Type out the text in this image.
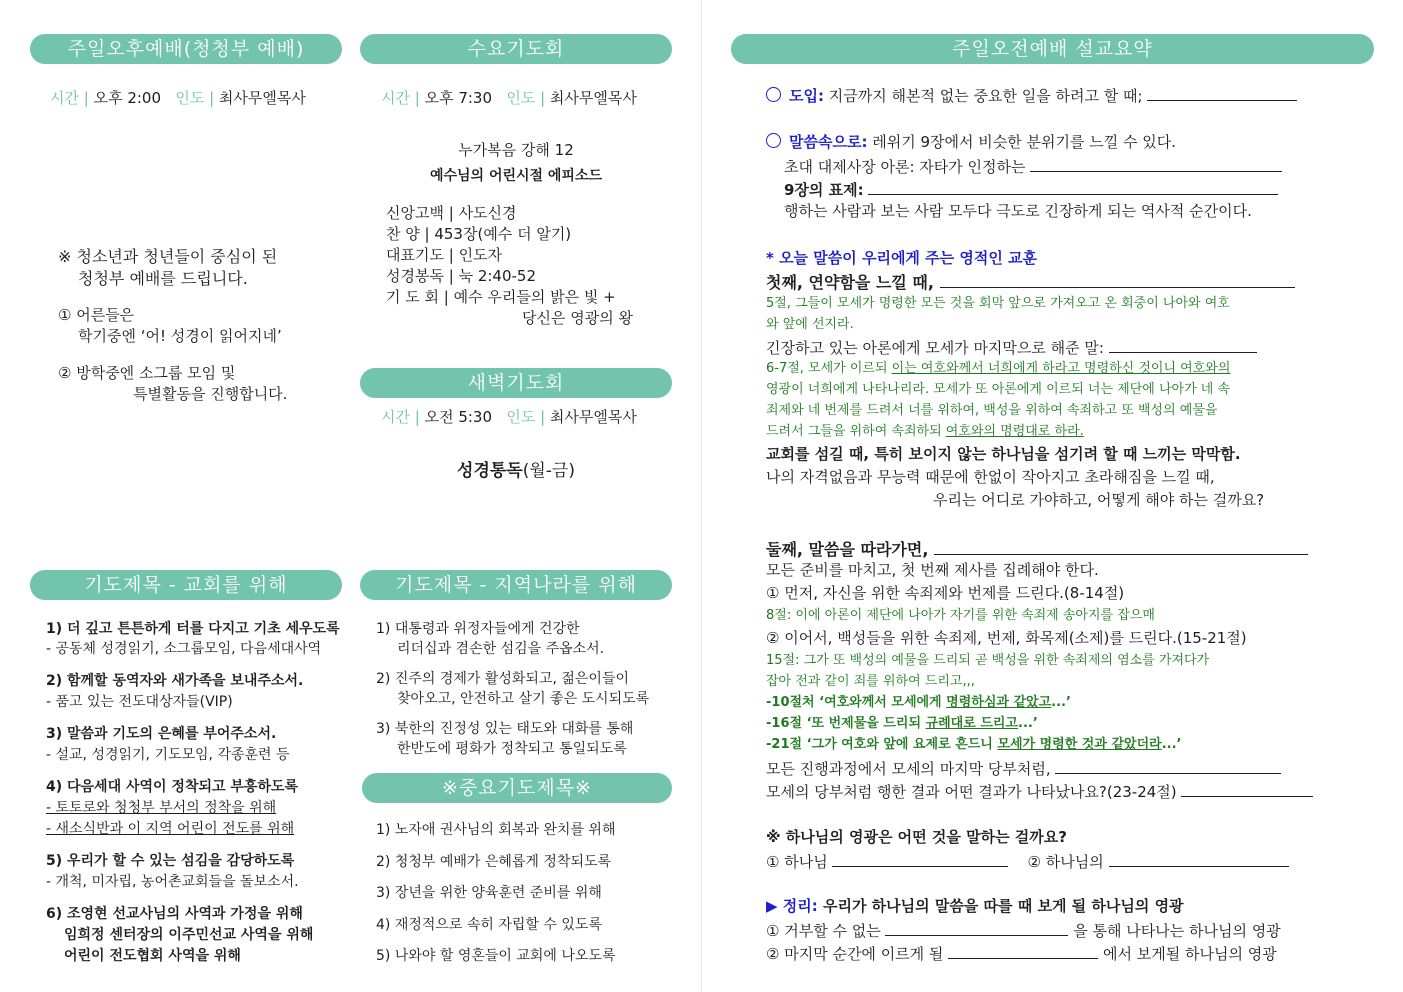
주일오후예배(청청부 예배)
시간 | 오후 2:00 인도 | 최사무엘목사
※ 청소년과 청년들이 중심이 된
청청부 예배를 드립니다.
① 어른들은
학기중엔 ‘어! 성경이 읽어지네’
② 방학중엔 소그룹 모임 및
특별활동을 진행합니다.
수요기도회
시간 | 오후 7:30 인도 | 최사무엘목사
누가복음 강해 12
예수님의 어린시절 에피소드
신앙고백 | 사도신경
찬 양 | 453장(예수 더 알기)
대표기도 | 인도자
성경봉독 | 눅 2:40-52
기 도 회 | 예수 우리들의 밝은 빛 +
당신은 영광의 왕
새벽기도회
시간 | 오전 5:30 인도 | 최사무엘목사
성경통독(월-금)
기도제목 - 교회를 위해
1) 더 깊고 튼튼하게 터를 다지고 기초 세우도록
- 공동체 성경읽기, 소그룹모임, 다음세대사역
2) 함께할 동역자와 새가족을 보내주소서.
- 품고 있는 전도대상자들(VIP)
3) 말씀과 기도의 은혜를 부어주소서.
- 설교, 성경읽기, 기도모임, 각종훈련 등
4) 다음세대 사역이 정착되고 부흥하도록
- 토토로와 청청부 부서의 정착을 위해
- 새소식반과 이 지역 어린이 전도를 위해
5) 우리가 할 수 있는 섬김을 감당하도록
- 개척, 미자립, 농어촌교회들을 돌보소서.
6) 조영현 선교사님의 사역과 가정을 위해
임희정 센터장의 이주민선교 사역을 위해
어린이 전도협회 사역을 위해
기도제목 - 지역나라를 위해
1) 대통령과 위정자들에게 건강한
리더십과 겸손한 섬김을 주옵소서.
2) 진주의 경제가 활성화되고, 젊은이들이
찾아오고, 안전하고 살기 좋은 도시되도록
3) 북한의 진정성 있는 태도와 대화를 통해
한반도에 평화가 정착되고 통일되도록
※중요기도제목※
1) 노자애 권사님의 회복과 완치를 위해
2) 청청부 예배가 은혜롭게 정착되도록
3) 장년을 위한 양육훈련 준비를 위해
4) 재정적으로 속히 자립할 수 있도록
5) 나와야 할 영혼들이 교회에 나오도록
주일오전예배 설교요약
도입: 지금까지 해본적 없는 중요한 일을 하려고 할 때;
말씀속으로: 레위기 9장에서 비슷한 분위기를 느낄 수 있다.
초대 대제사장 아론: 자타가 인정하는
9장의 표제:
행하는 사람과 보는 사람 모두다 극도로 긴장하게 되는 역사적 순간이다.
* 오늘 말씀이 우리에게 주는 영적인 교훈
첫째, 연약함을 느낄 때,
5절, 그들이 모세가 명령한 모든 것을 회막 앞으로 가져오고 온 회중이 나아와 여호
와 앞에 선지라.
긴장하고 있는 아론에게 모세가 마지막으로 해준 말:
6-7절, 모세가 이르되 이는 여호와께서 너희에게 하라고 명령하신 것이니 여호와의
영광이 너희에게 나타나리라. 모세가 또 아론에게 이르되 너는 제단에 나아가 네 속
죄제와 네 번제를 드려서 너를 위하여, 백성을 위하여 속죄하고 또 백성의 예물을
드려서 그들을 위하여 속죄하되 여호와의 명령대로 하라.
교회를 섬길 때, 특히 보이지 않는 하나님을 섬기려 할 때 느끼는 막막함.
나의 자격없음과 무능력 때문에 한없이 작아지고 초라해짐을 느낄 때,
우리는 어디로 가야하고, 어떻게 해야 하는 걸까요?
둘째, 말씀을 따라가면,
모든 준비를 마치고, 첫 번째 제사를 집례해야 한다.
① 먼저, 자신을 위한 속죄제와 번제를 드린다.(8-14절)
8절: 이에 아론이 제단에 나아가 자기를 위한 속죄제 송아지를 잡으매
② 이어서, 백성들을 위한 속죄제, 번제, 화목제(소제)를 드린다.(15-21절)
15절: 그가 또 백성의 예물을 드리되 곧 백성을 위한 속죄제의 염소를 가져다가
잡아 전과 같이 죄를 위하여 드리고,,,
-10절처 ‘여호와께서 모세에게 명령하심과 같았고...’
-16절 ‘또 번제물을 드리되 규례대로 드리고...’
-21절 ‘그가 여호와 앞에 요제로 흔드니 모세가 명령한 것과 같았더라...’
모든 진행과정에서 모세의 마지막 당부처럼,
모세의 당부처럼 행한 결과 어떤 결과가 나타났나요?(23-24절)
※ 하나님의 영광은 어떤 것을 말하는 걸까요?
① 하나님	② 하나님의
▶ 정리: 우리가 하나님의 말씀을 따를 때 보게 될 하나님의 영광
① 거부할 수 없는	을 통해 나타나는 하나님의 영광
② 마지막 순간에 이르게 될	에서 보게될 하나님의 영광
